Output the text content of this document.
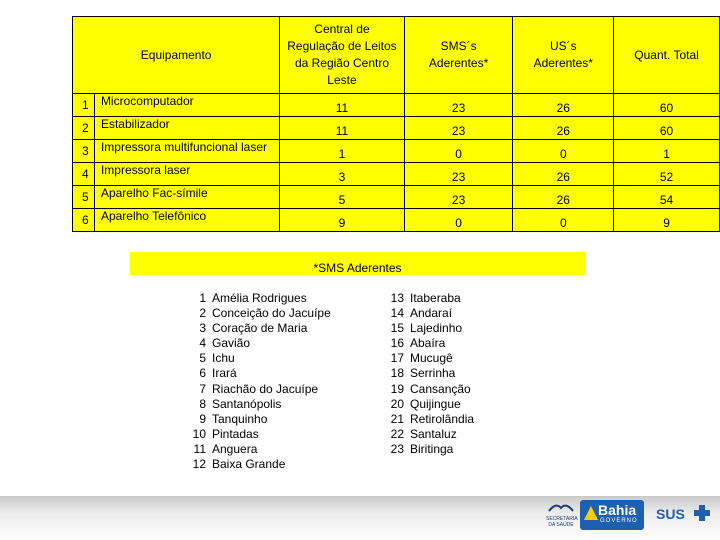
Equipamento		Central de Regulação de Leitos da Região Centro Leste	SMS´s Aderentes*	US´s Aderentes*	Quant. Total
1	Microcomputador	11	23	26	60
2	Estabilizador	11	23	26	60
3	Impressora multifuncional laser	1	0	0	1
4	Impressora laser	3	23	26	52
5	Aparelho Fac-símile	5	23	26	54
6	Aparelho Telefônico	9	0	0	9
*SMS Aderentes
1 Amélia Rodrigues
2 Conceição do Jacuípe
3 Coração de Maria
4 Gavião
5 Ichu
6 Irará
7 Riachão do Jacuípe
8 Santanópolis
9 Tanquinho
10 Pintadas
11 Anguera
12 Baixa Grande
13 Itaberaba
14 Andaraí
15 Lajedinho
16 Abaíra
17 Mucugê
18 Serrinha
19 Cansanção
20 Quijingue
21 Retirolândia
22 Santaluz
23 Biritinga
SECRETARIA DA SAÚDE
Bahia
GOVERNO SUS
